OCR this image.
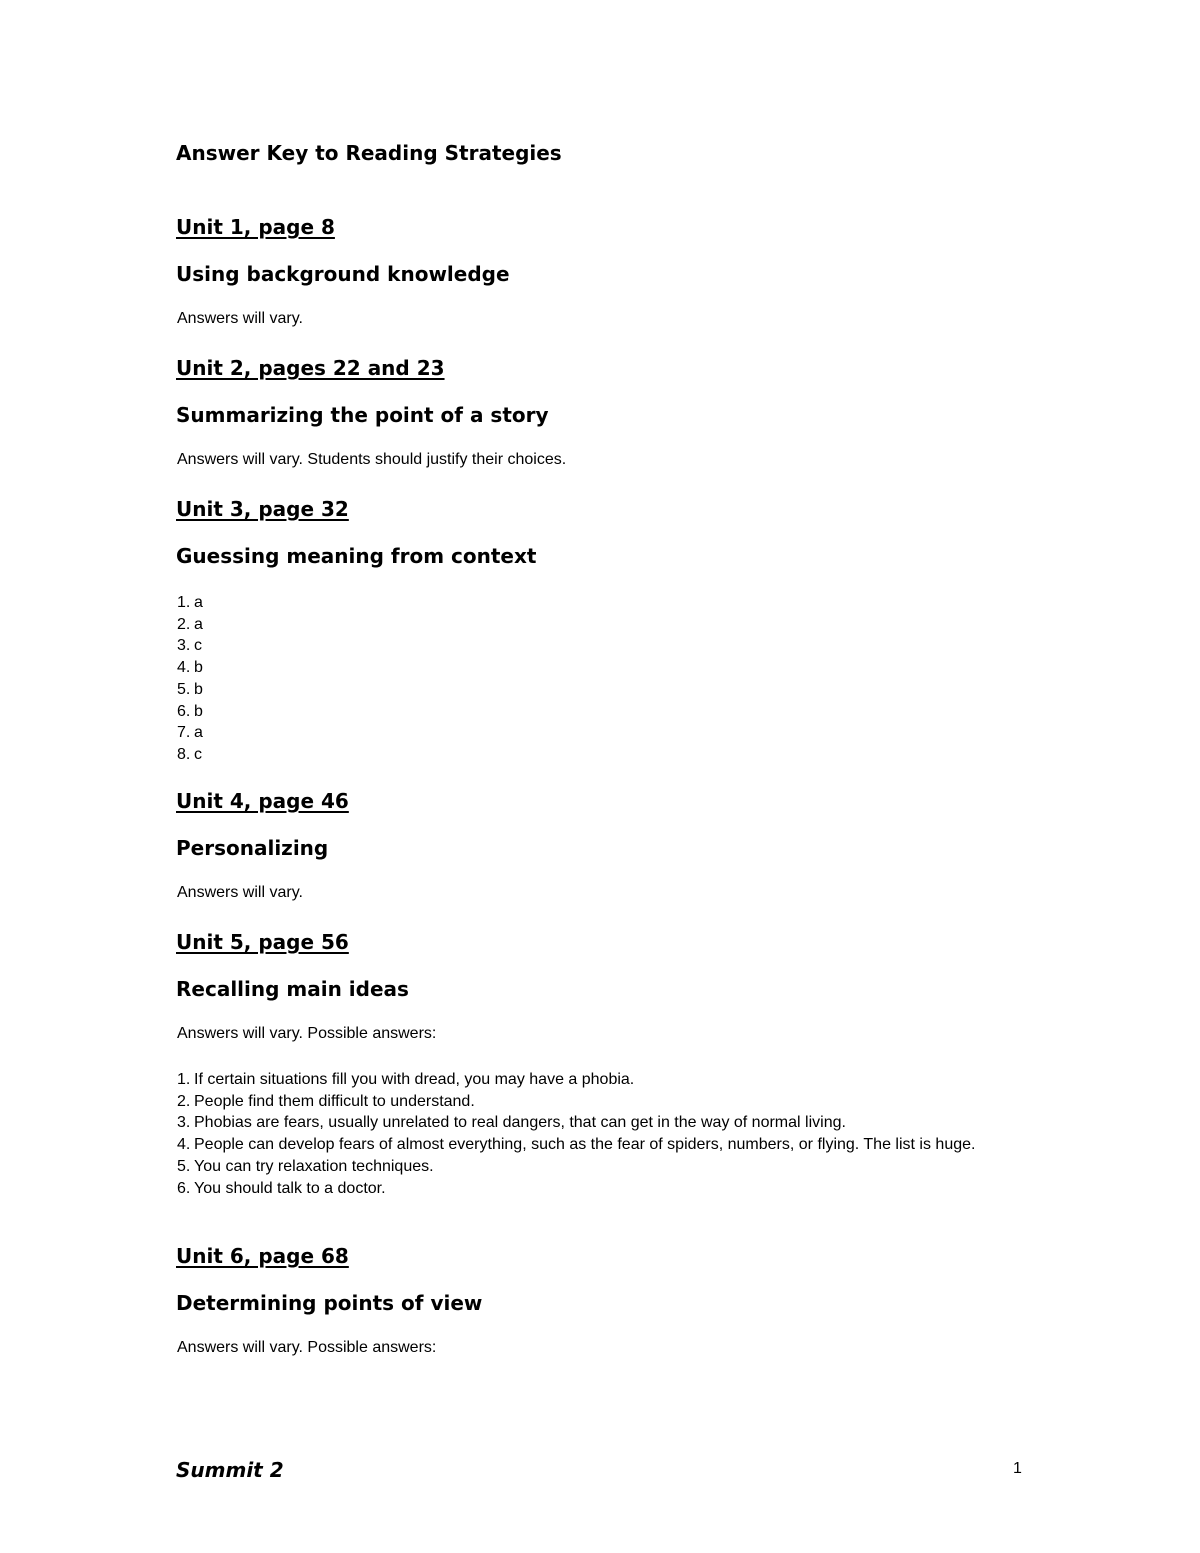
Answer Key to Reading Strategies
Unit 1, page 8
Using background knowledge
Answers will vary.
Unit 2, pages 22 and 23
Summarizing the point of a story
Answers will vary. Students should justify their choices.
Unit 3, page 32
Guessing meaning from context
1. a
2. a
3. c
4. b
5. b
6. b
7. a
8. c
Unit 4, page 46
Personalizing
Answers will vary.
Unit 5, page 56
Recalling main ideas
Answers will vary. Possible answers:
1. If certain situations fill you with dread, you may have a phobia.
2. People find them difficult to understand.
3. Phobias are fears, usually unrelated to real dangers, that can get in the way of normal living.
4. People can develop fears of almost everything, such as the fear of spiders, numbers, or flying. The list is huge.
5. You can try relaxation techniques.
6. You should talk to a doctor.
Unit 6, page 68
Determining points of view
Answers will vary. Possible answers:
Summit 2	1
